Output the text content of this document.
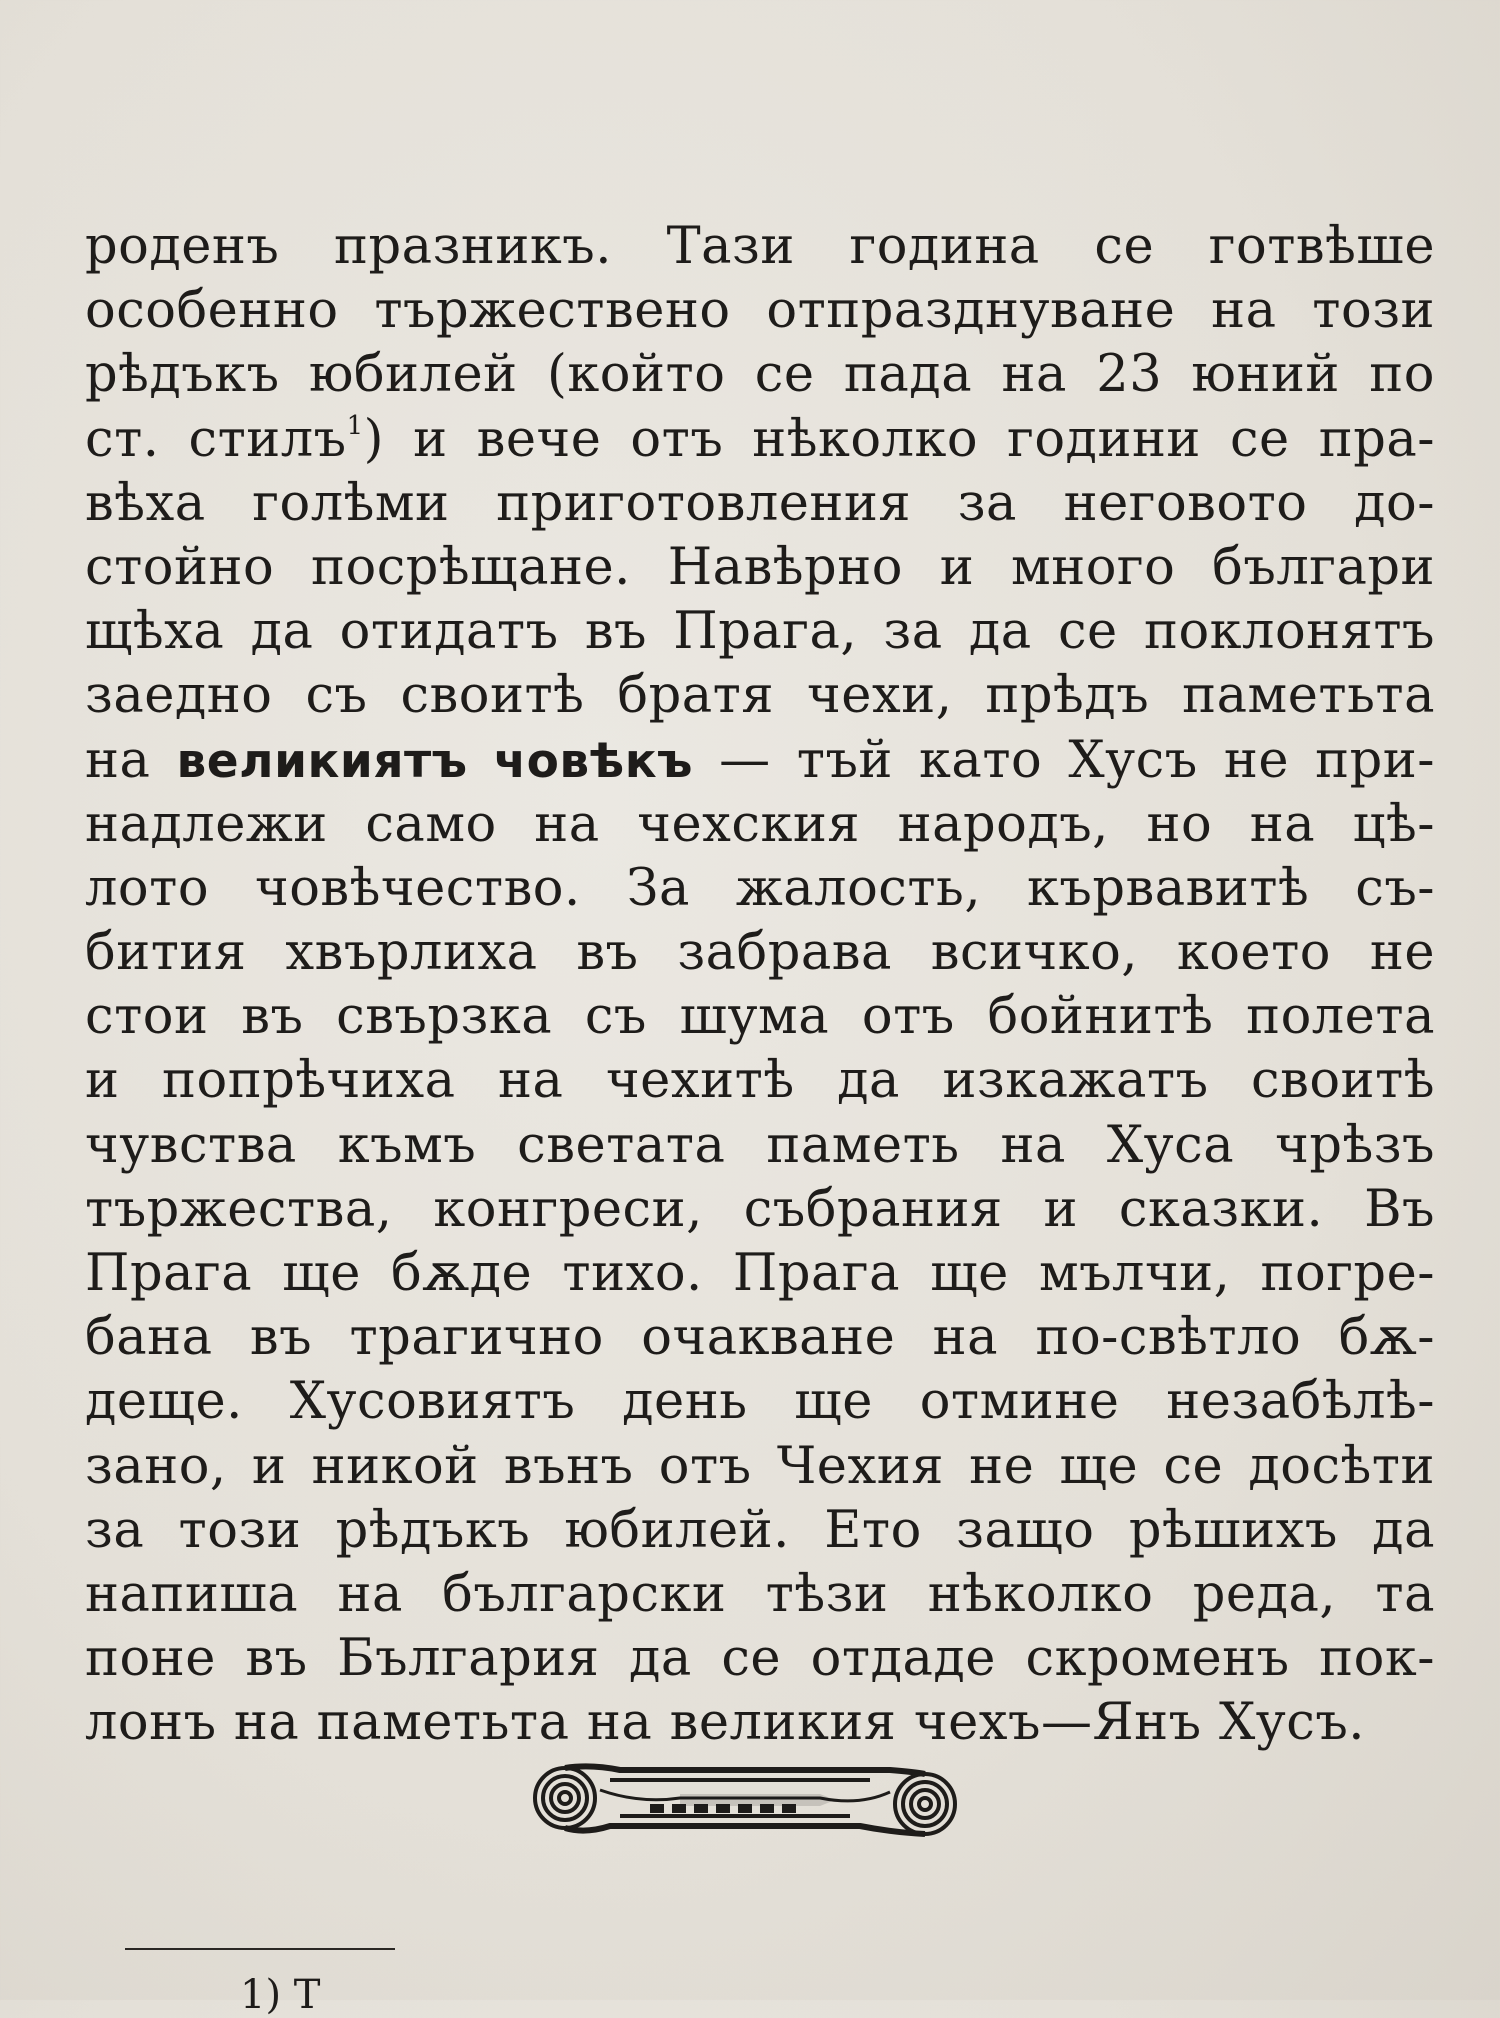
роденъ празникъ. Тази година се готвѣше
особенно тържествено отпразднуване на този
рѣдъкъ юбилей (който се пада на 23 юний по
ст. стилъ$^1$) и вече отъ нѣколко години се пра-
вѣха голѣми приготовления за неговото до-
стойно посрѣщане. Навѣрно и много българи
щѣха да отидатъ въ Прага, за да се поклонятъ
заедно съ своитѣ братя чехи, прѣдъ паметьта
на великиятъ човѣкъ — тъй като Хусъ не при-
надлежи само на чехския народъ, но на цѣ-
лото човѣчество. За жалость, кървавитѣ съ-
бития хвърлиха въ забрава всичко, което не
стои въ свързка съ шума отъ бойнитѣ полета
и попрѣчиха на чехитѣ да изкажатъ своитѣ
чувства къмъ светата паметь на Хуса чрѣзъ
тържества, конгреси, събрания и сказки. Въ
Прага ще бѫде тихо. Прага ще мълчи, погре-
бана въ трагично очакване на по-свѣтло бѫ-
деще. Хусовиятъ день ще отмине незабѣлѣ-
зано, и никой вънъ отъ Чехия не ще се досѣти
за този рѣдъкъ юбилей. Ето защо рѣшихъ да
напиша на български тѣзи нѣколко реда, та
поне въ България да се отдаде скроменъ пок-
лонъ на паметьта на великия чехъ—Янъ Хусъ.
1) Т
